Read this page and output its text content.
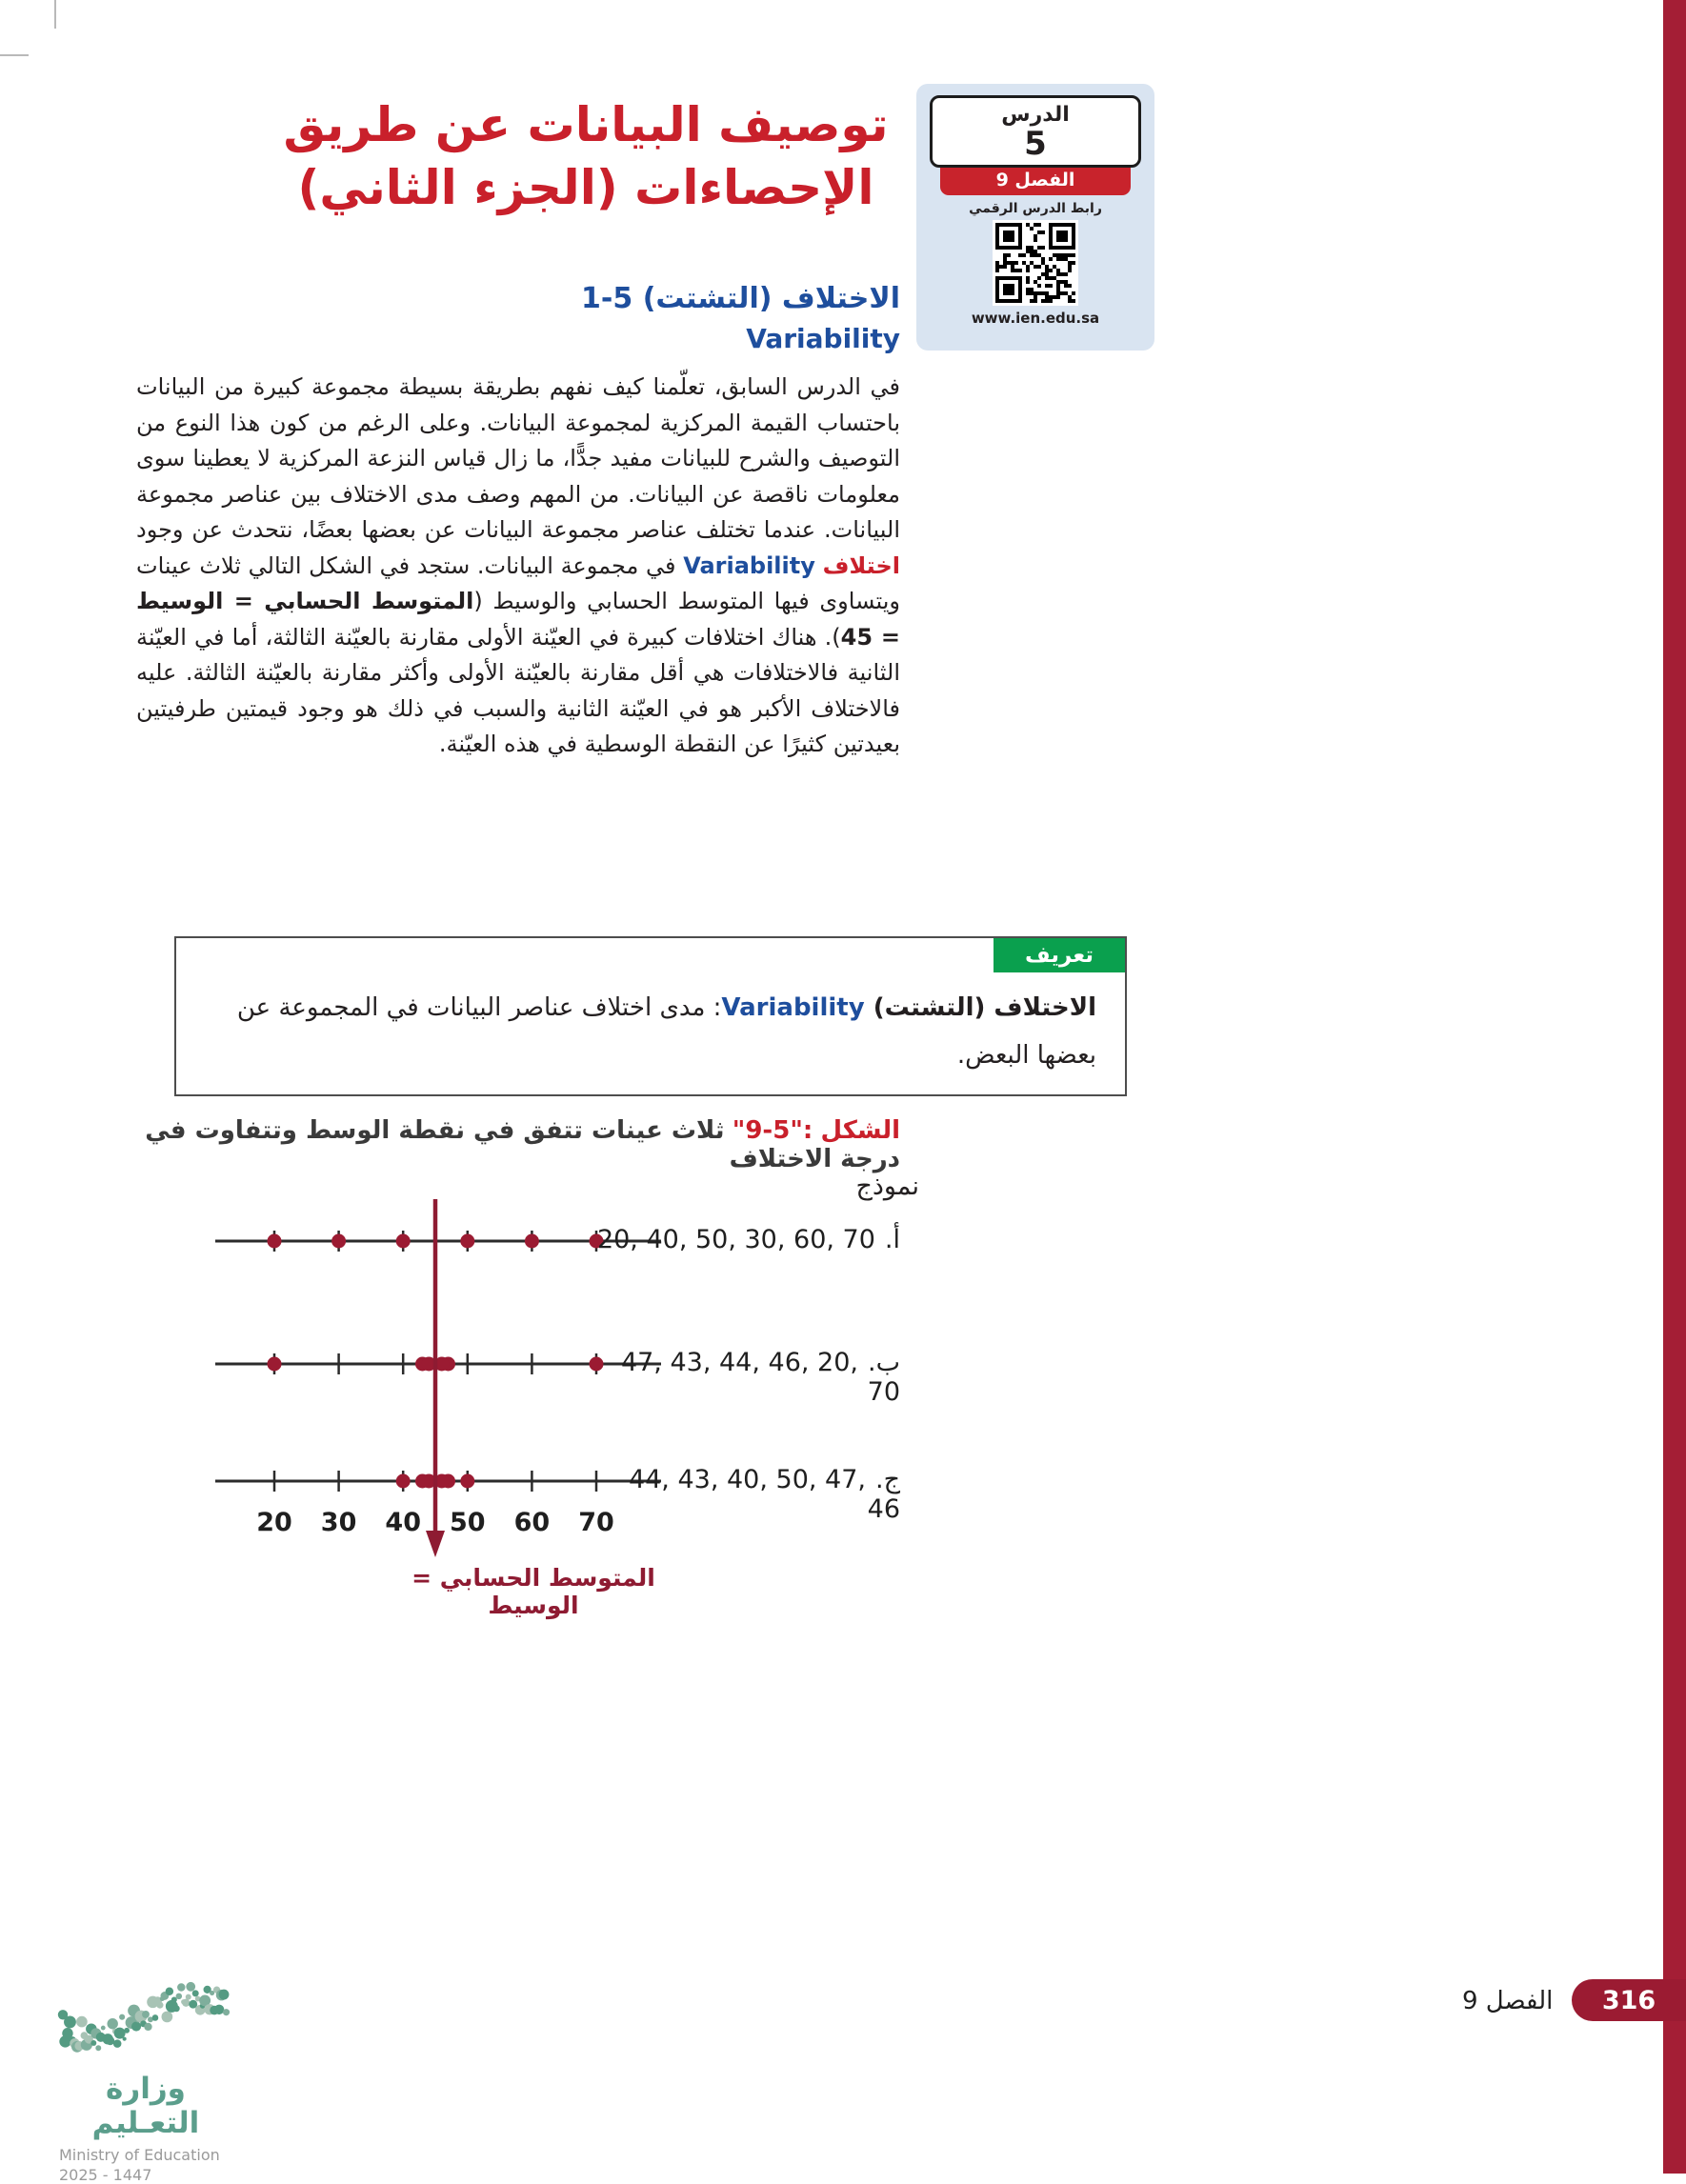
الدرس
5
الفصل 9
رابط الدرس الرقمي
www.ien.edu.sa
توصيف البيانات عن طريق
الإحصاءات (الجزء الثاني)
الاختلاف (التشتت) 1-5
Variability
في الدرس السابق، تعلّمنا كيف نفهم بطريقة بسيطة مجموعة كبيرة من البيانات باحتساب القيمة المركزية لمجموعة البيانات. وعلى الرغم من كون هذا النوع من التوصيف والشرح للبيانات مفيد جدًّا، ما زال قياس النزعة المركزية لا يعطينا سوى معلومات ناقصة عن البيانات. من المهم وصف مدى الاختلاف بين عناصر مجموعة البيانات. عندما تختلف عناصر مجموعة البيانات عن بعضها بعضًا، نتحدث عن وجود اختلاف Variability في مجموعة البيانات. ستجد في الشكل التالي ثلاث عينات ويتساوى فيها المتوسط الحسابي والوسيط (المتوسط الحسابي = الوسيط = 45). هناك اختلافات كبيرة في العيّنة الأولى مقارنة بالعيّنة الثالثة، أما في العيّنة الثانية فالاختلافات هي أقل مقارنة بالعيّنة الأولى وأكثر مقارنة بالعيّنة الثالثة. عليه فالاختلاف الأكبر هو في العيّنة الثانية والسبب في ذلك هو وجود قيمتين طرفيتين بعيدتين كثيرًا عن النقطة الوسطية في هذه العيّنة.
تعريف
الاختلاف (التشتت) Variability: مدى اختلاف عناصر البيانات في المجموعة عن بعضها البعض.
الشكل "9-5": ثلاث عينات تتفق في نقطة الوسط وتتفاوت في درجة الاختلاف
نموذج
20 30 40 50 60 70
أ.20, 40, 50, 30, 60, 70
ب.47, 43, 44, 46, 20, 70
ج.44, 43, 40, 50, 47, 46
المتوسط الحسابي = الوسيط
وزارة التعـليم
Ministry of Education
2025 - 1447
الفصل 9	316
